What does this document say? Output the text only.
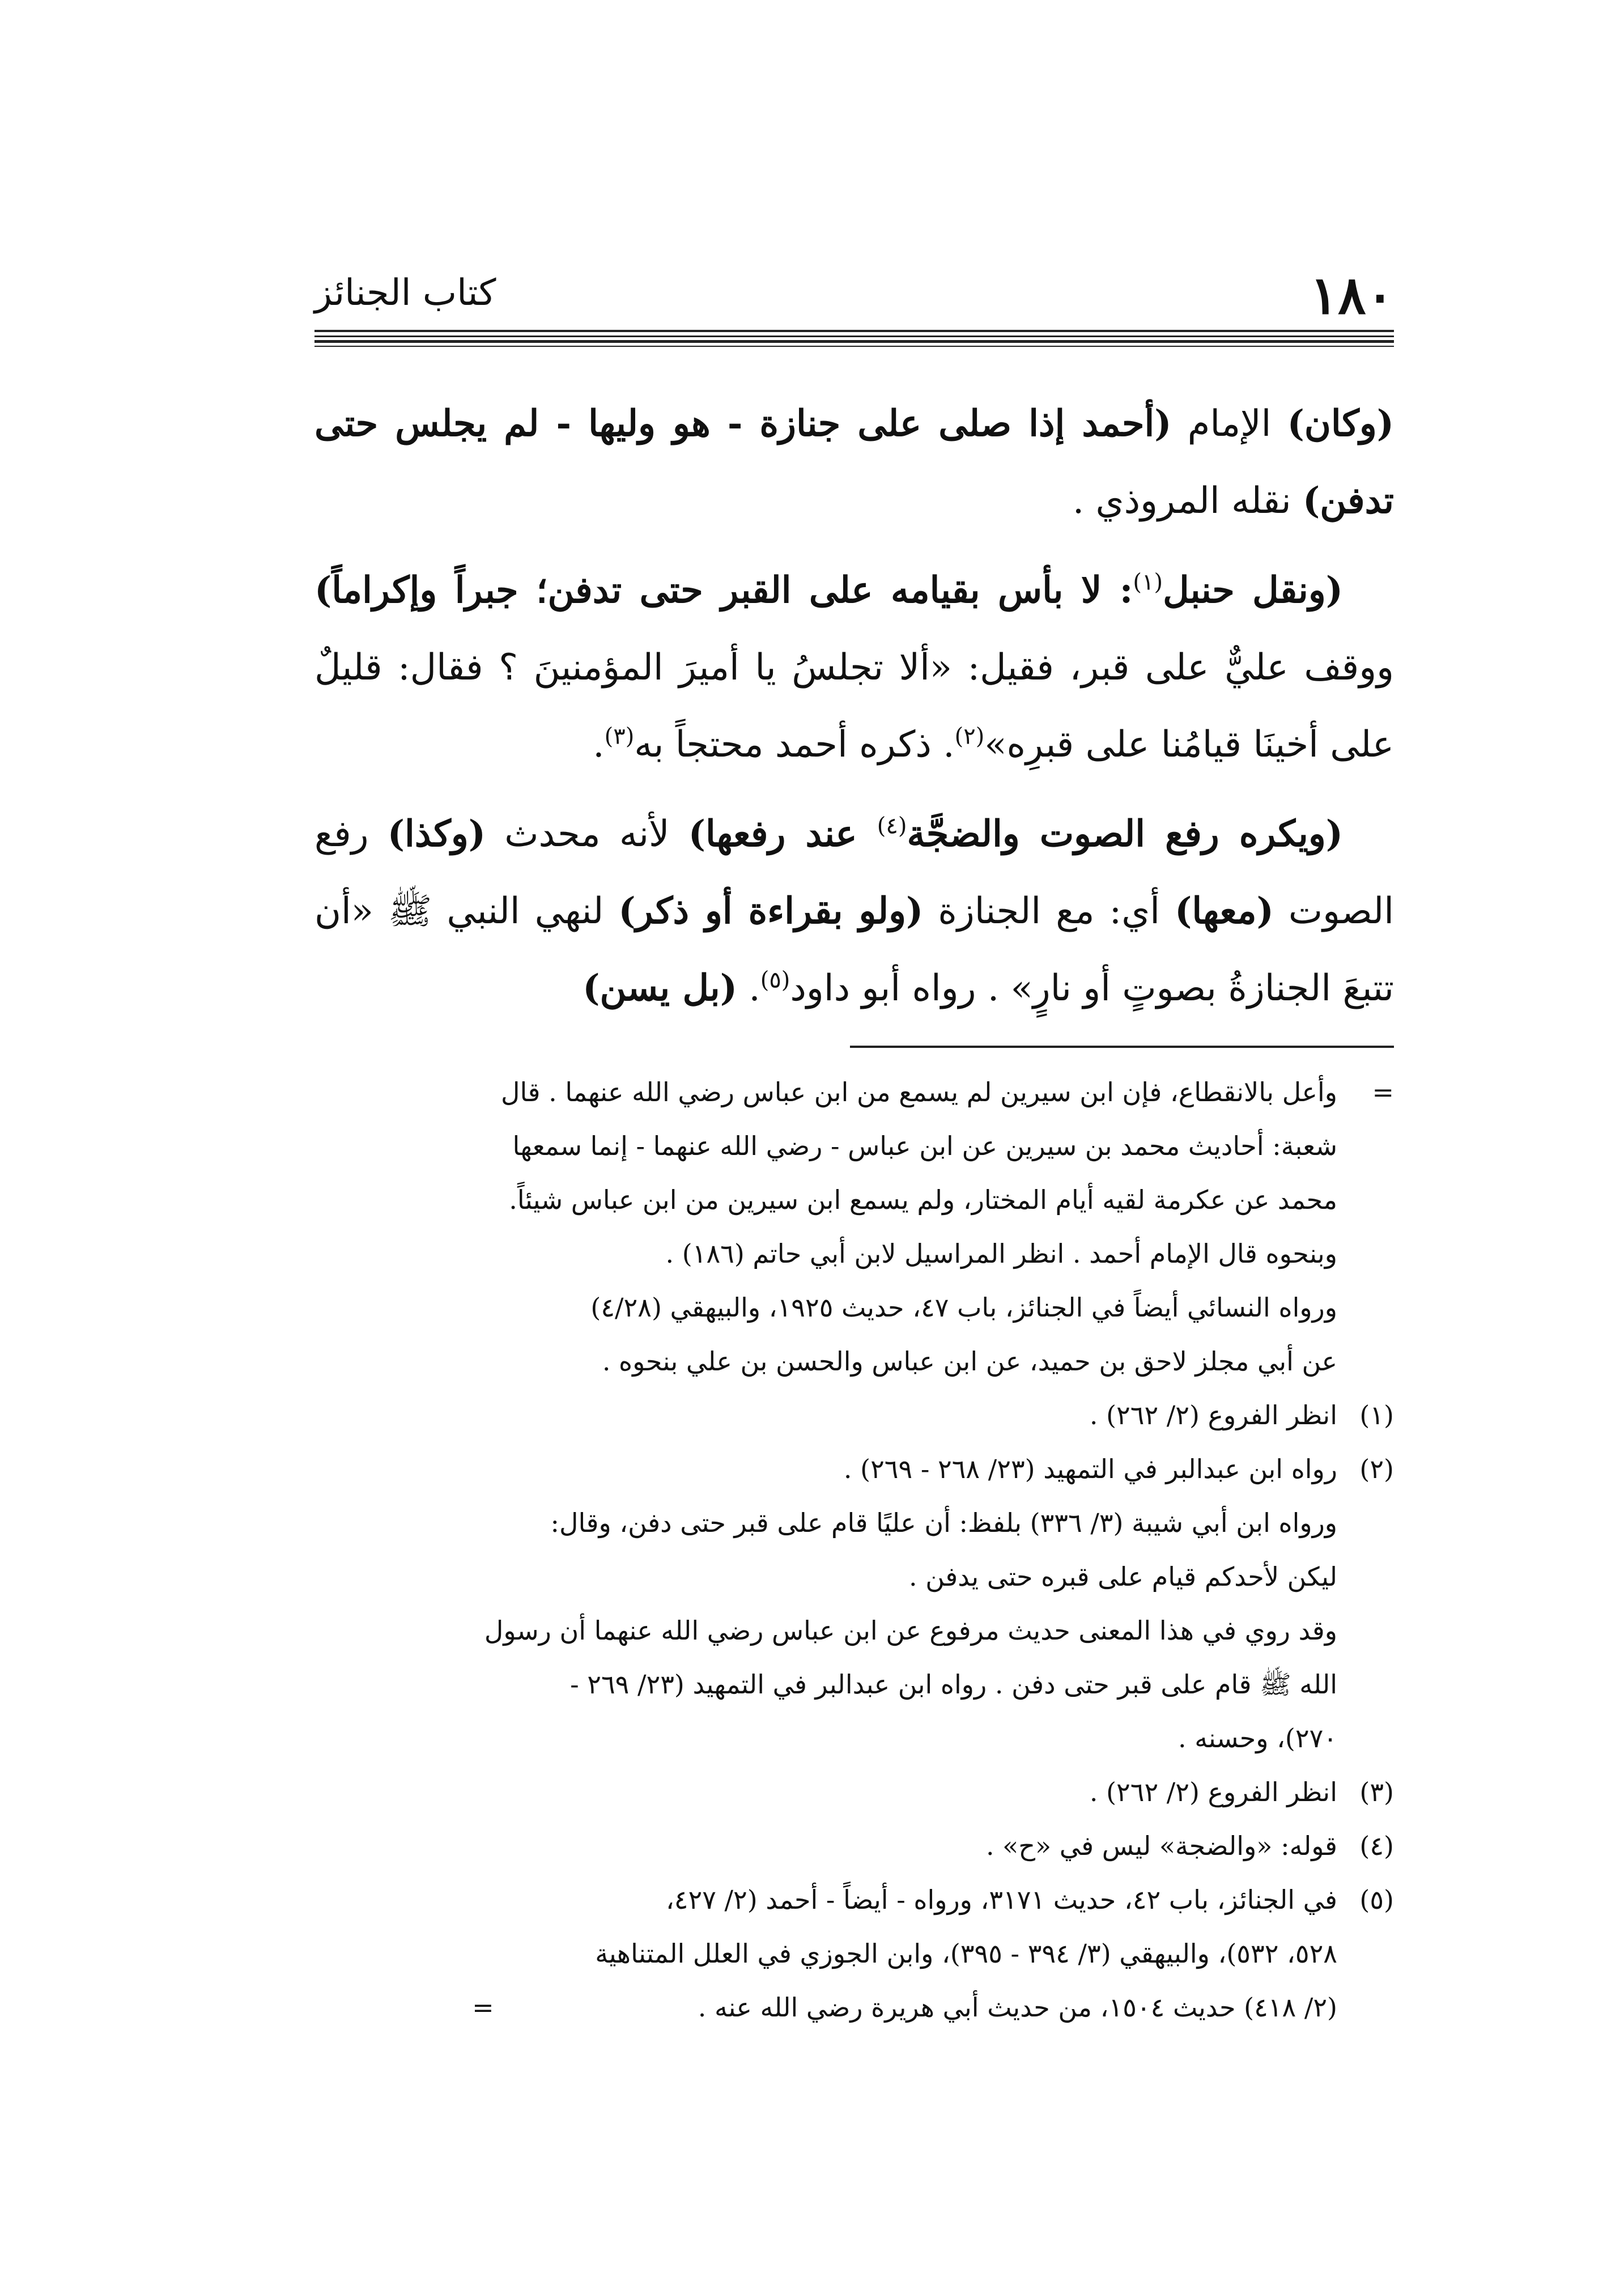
١٨٠
كتاب الجنائز

(وكان) الإمام (أحمد إذا صلى على جنازة - هو وليها - لم يجلس حتى تدفن) نقله المروذي .

(ونقل حنبل$^{(١)}$: لا بأس بقيامه على القبر حتى تدفن؛ جبراً وإكراماً) ووقف عليٌّ على قبر، فقيل: «ألا تجلسُ يا أميرَ المؤمنينَ ؟ فقال: قليلٌ على أخينَا قيامُنا على قبرِه»$^{(٢)}$. ذكره أحمد محتجاً به$^{(٣)}$.

(ويكره رفع الصوت والضجَّة$^{(٤)}$ عند رفعها) لأنه محدث (وكذا) رفع الصوت (معها) أي: مع الجنازة (ولو بقراءة أو ذكر) لنهي النبي ﷺ «أن تتبعَ الجنازةُ بصوتٍ أو نارٍ» . رواه أبو داود$^{(٥)}$. (بل يسن)

=
وأعل بالانقطاع، فإن ابن سيرين لم يسمع من ابن عباس رضي الله عنهما . قال
شعبة: أحاديث محمد بن سيرين عن ابن عباس - رضي الله عنهما - إنما سمعها
محمد عن عكرمة لقيه أيام المختار، ولم يسمع ابن سيرين من ابن عباس شيئاً.
وبنحوه قال الإمام أحمد . انظر المراسيل لابن أبي حاتم (١٨٦) .
ورواه النسائي أيضاً في الجنائز، باب ٤٧، حديث ١٩٢٥، والبيهقي (٤/٢٨)
عن أبي مجلز لاحق بن حميد، عن ابن عباس والحسن بن علي بنحوه .
(١)
انظر الفروع (٢/ ٢٦٢) .
(٢)
رواه ابن عبدالبر في التمهيد (٢٣/ ٢٦٨ - ٢٦٩) .
ورواه ابن أبي شيبة (٣/ ٣٣٦) بلفظ: أن عليًا قام على قبر حتى دفن، وقال:
ليكن لأحدكم قيام على قبره حتى يدفن .
وقد روي في هذا المعنى حديث مرفوع عن ابن عباس رضي الله عنهما أن رسول
الله ﷺ قام على قبر حتى دفن . رواه ابن عبدالبر في التمهيد (٢٣/ ٢٦٩ -
٢٧٠)، وحسنه .
(٣)
انظر الفروع (٢/ ٢٦٢) .
(٤)
قوله: «والضجة» ليس في «ح» .
(٥)
في الجنائز، باب ٤٢، حديث ٣١٧١، ورواه - أيضاً - أحمد (٢/ ٤٢٧،
٥٢٨، ٥٣٢)، والبيهقي (٣/ ٣٩٤ - ٣٩٥)، وابن الجوزي في العلل المتناهية
(٢/ ٤١٨) حديث ١٥٠٤، من حديث أبي هريرة رضي الله عنه .=
